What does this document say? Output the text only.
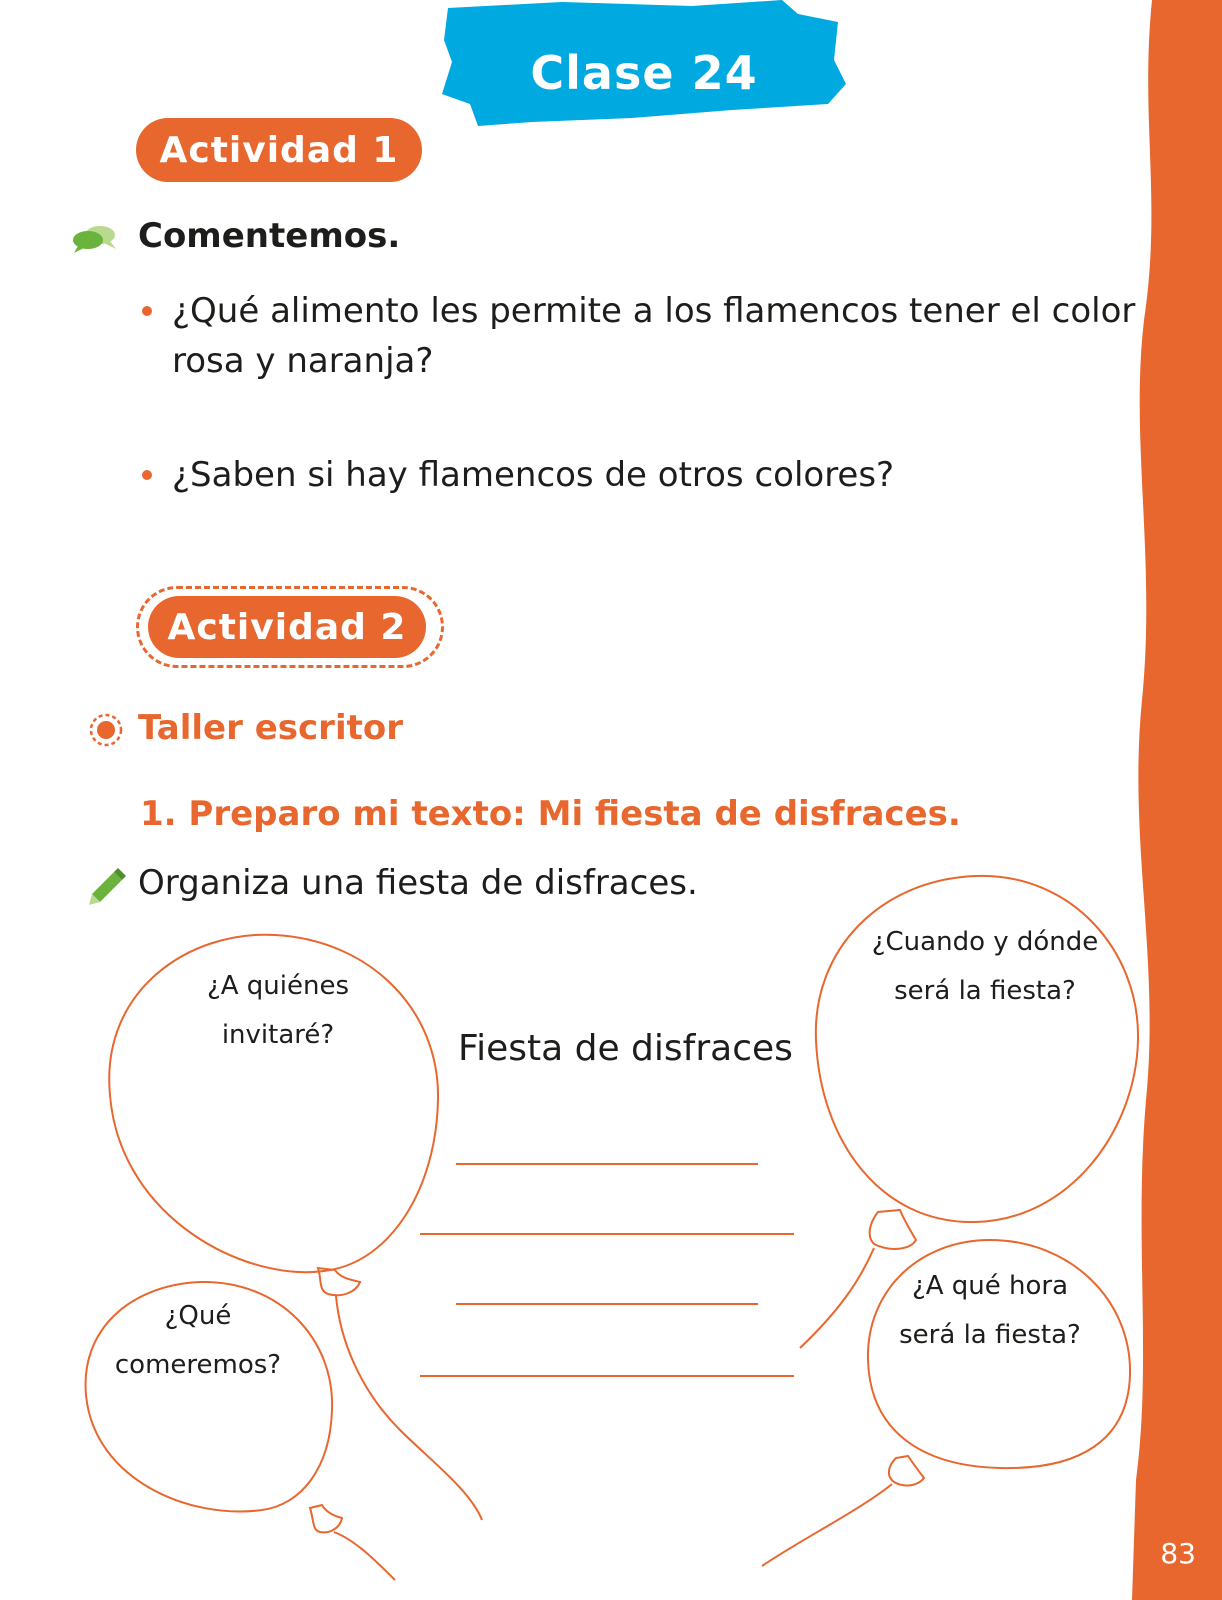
Clase 24
Actividad 1
Comentemos.
¿Qué alimento les permite a los flamencos tener el color
rosa y naranja?
¿Saben si hay flamencos de otros colores?
Actividad 2
Taller escritor
1. Preparo mi texto: Mi fiesta de disfraces.
Organiza una fiesta de disfraces.
¿A quiénes
invitaré?
¿Qué
comeremos?
¿Cuando y dónde
será la fiesta?
¿A qué hora
será la fiesta?
Fiesta de disfraces
83
